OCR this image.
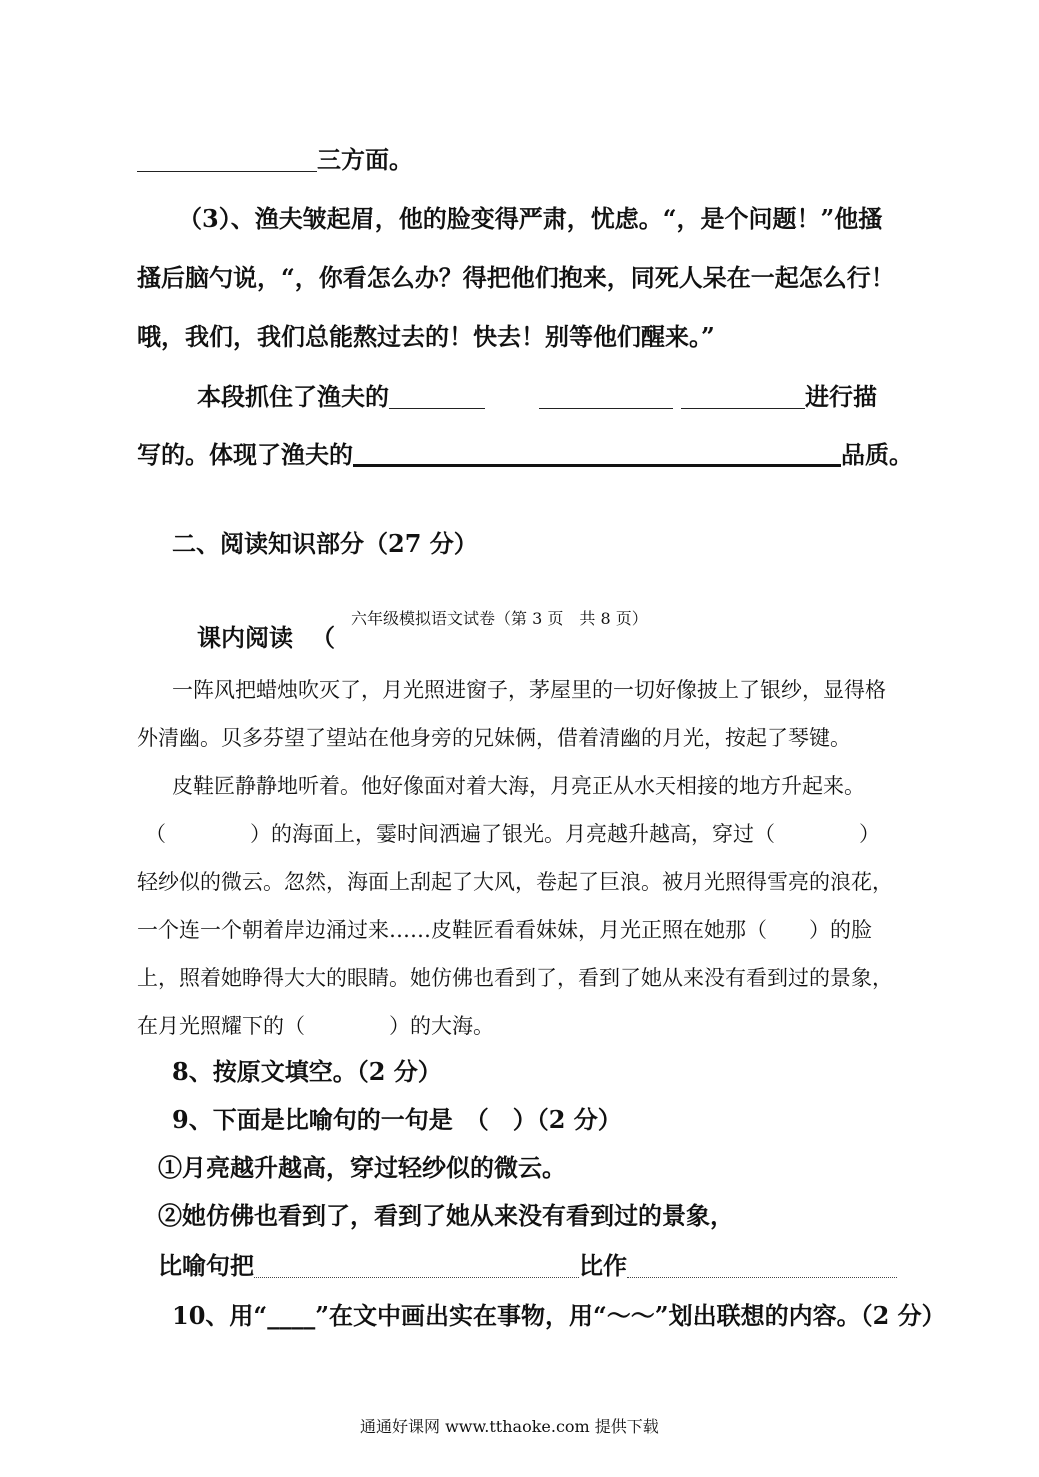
三方面。
（3）、渔夫皱起眉，他的脸变得严肃，忧虑。“，是个问题！”他搔
搔后脑勺说，“，你看怎么办？得把他们抱来，同死人呆在一起怎么行！
哦，我们，我们总能熬过去的！快去！别等他们醒来。”
本段抓住了渔夫的	进行描
写的。体现了渔夫的	品质。
二、阅读知识部分（27 分）
课内阅读 （
六年级模拟语文试卷（第 3 页　共 8 页）
一阵风把蜡烛吹灭了，月光照进窗子，茅屋里的一切好像披上了银纱，显得格
外清幽。贝多芬望了望站在他身旁的兄妹俩，借着清幽的月光，按起了琴键。
皮鞋匠静静地听着。他好像面对着大海，月亮正从水天相接的地方升起来。
（　　　　）的海面上，霎时间洒遍了银光。月亮越升越高，穿过（　　　　）
轻纱似的微云。忽然，海面上刮起了大风，卷起了巨浪。被月光照得雪亮的浪花，
一个连一个朝着岸边涌过来……皮鞋匠看看妹妹，月光正照在她那（　　）的脸
上，照着她睁得大大的眼睛。她仿佛也看到了，看到了她从来没有看到过的景象，
在月光照耀下的（　　　　）的大海。
8、按原文填空。（2 分）
9、下面是比喻句的一句是　（　）（2 分）
①月亮越升越高，穿过轻纱似的微云。
②她仿佛也看到了，看到了她从来没有看到过的景象，
比喻句把	比作
10、用“____”在文中画出实在事物，用“～～”划出联想的内容。（2 分）
通通好课网 www.tthaoke.com 提供下载
